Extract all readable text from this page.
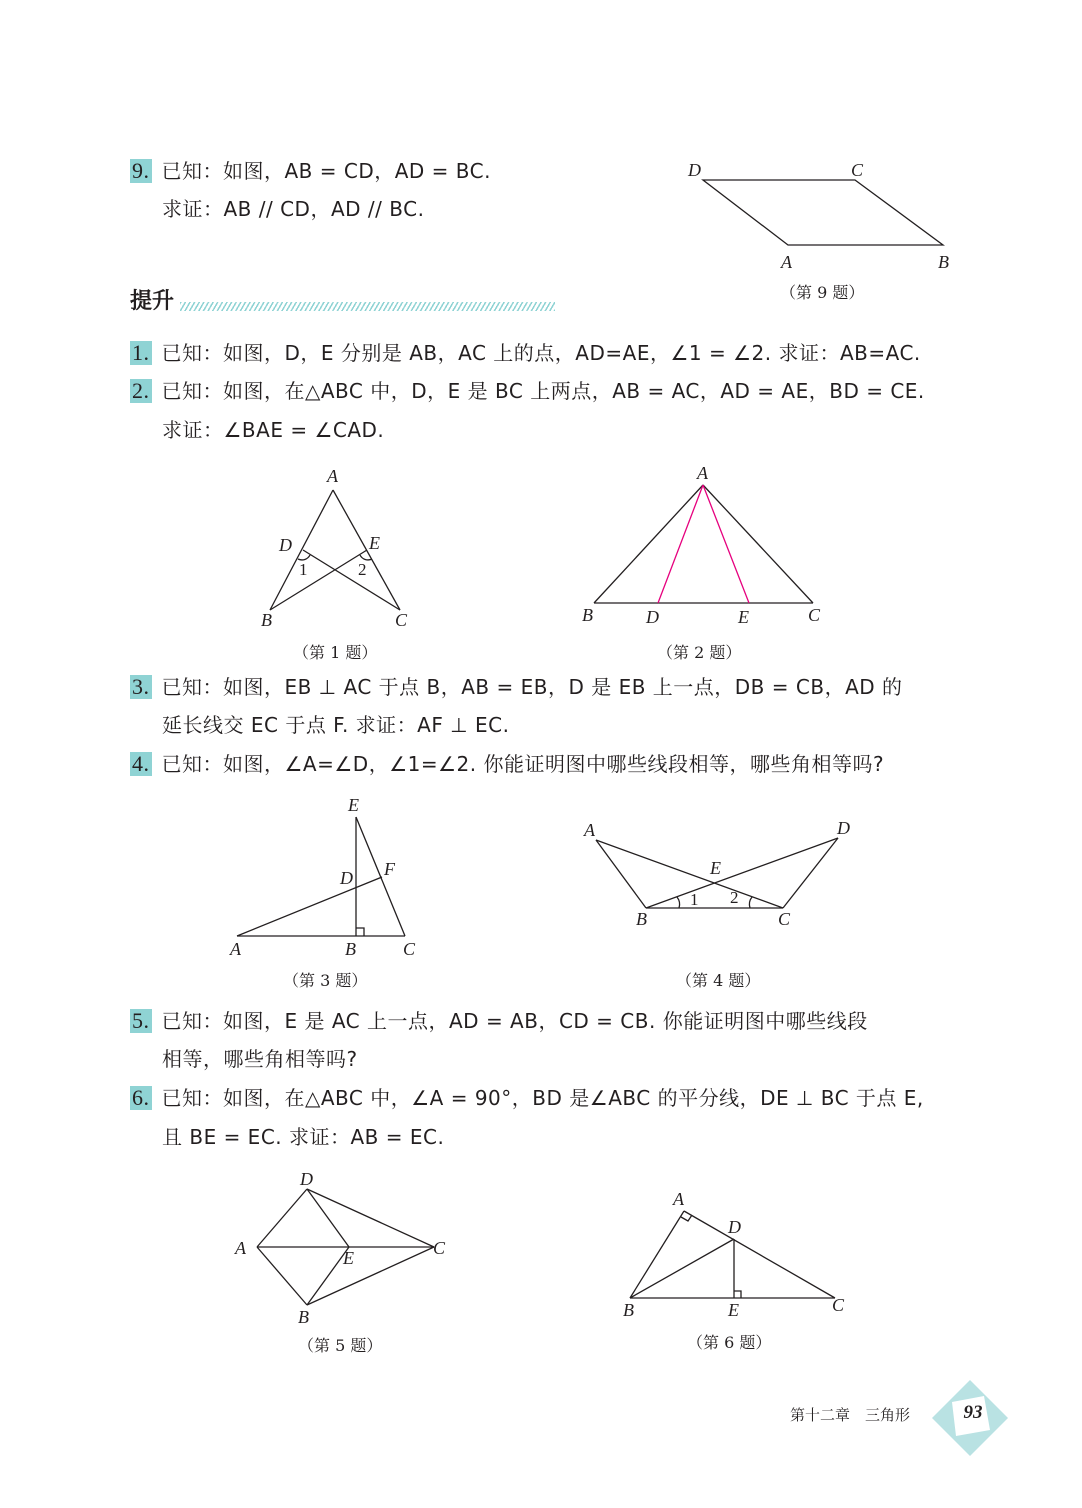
9. 已知：如图，AB = CD，AD = BC.
求证：AB // CD，AD // BC.
D	C
A	B
（第 9 题）
提升
1. 已知：如图，D，E 分别是 AB，AC 上的点，AD=AE，∠1 = ∠2. 求证：AB=AC.
2. 已知：如图，在△ABC 中，D，E 是 BC 上两点，AB = AC，AD = AE，BD = CE.
求证：∠BAE = ∠CAD.
A
D	E
1	2
B	C
（第 1 题）
A
B	D	E	C
（第 2 题）
3. 已知：如图，EB ⊥ AC 于点 B，AB = EB，D 是 EB 上一点，DB = CB，AD 的
延长线交 EC 于点 F. 求证：AF ⊥ EC.
4. 已知：如图，∠A=∠D，∠1=∠2. 你能证明图中哪些线段相等，哪些角相等吗?
E
D F
A	B	C
（第 3 题）
A	D
E
1 2
B	C
（第 4 题）
5. 已知：如图，E 是 AC 上一点，AD = AB，CD = CB. 你能证明图中哪些线段
相等，哪些角相等吗?
6. 已知：如图，在△ABC 中，∠A = 90°，BD 是∠ABC 的平分线，DE ⊥ BC 于点 E,
且 BE = EC. 求证：AB = EC.
D
A	E	C
B
（第 5 题）
A
D
B	E	C
（第 6 题）
第十二章　三角形	93
